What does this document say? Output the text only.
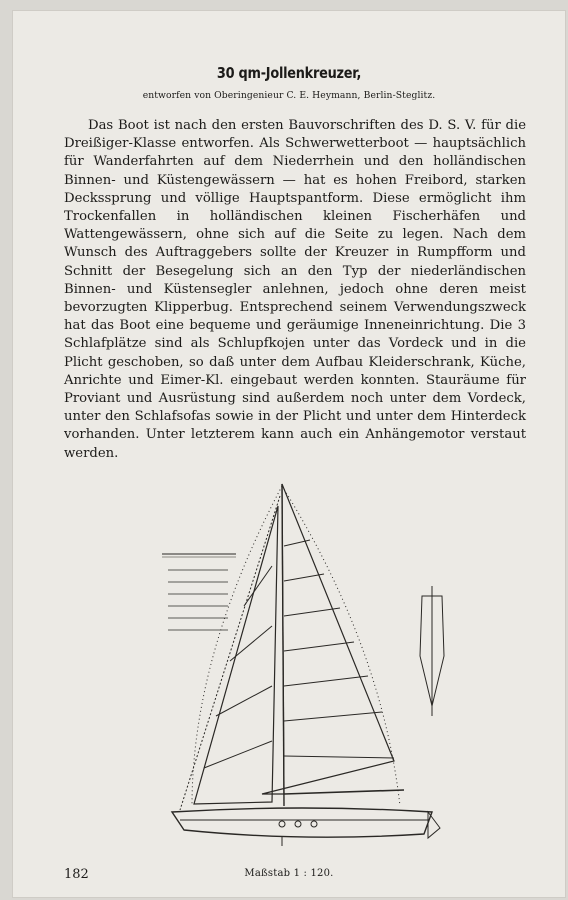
30 qm-Jollenkreuzer,
entworfen von Oberingenieur C. E. Heymann, Berlin-Steglitz.
Das Boot ist nach den ersten Bauvorschriften des D. S. V. für die Dreißiger-Klasse entworfen. Als Schwerwetterboot — hauptsächlich für Wanderfahrten auf dem Niederrhein und den holländischen Binnen- und Küstengewässern — hat es hohen Freibord, starken Deckssprung und völlige Hauptspantform. Diese ermöglicht ihm Trockenfallen in holländischen kleinen Fischerhäfen und Wattengewässern, ohne sich auf die Seite zu legen. Nach dem Wunsch des Auftraggebers sollte der Kreuzer in Rumpfform und Schnitt der Besegelung sich an den Typ der niederländischen Binnen- und Küstensegler anlehnen, jedoch ohne deren meist bevorzugten Klipperbug. Entsprechend seinem Verwendungszweck hat das Boot eine bequeme und geräumige Inneneinrichtung. Die 3 Schlafplätze sind als Schlupfkojen unter das Vordeck und in die Plicht geschoben, so daß unter dem Aufbau Kleiderschrank, Küche, Anrichte und Eimer-Kl. eingebaut werden konnten. Stauräume für Proviant und Ausrüstung sind außerdem noch unter dem Vordeck, unter den Schlafsofas sowie in der Plicht und unter dem Hinterdeck vorhanden. Unter letzterem kann auch ein Anhängemotor verstaut werden.
182	Maßstab 1 : 120.
